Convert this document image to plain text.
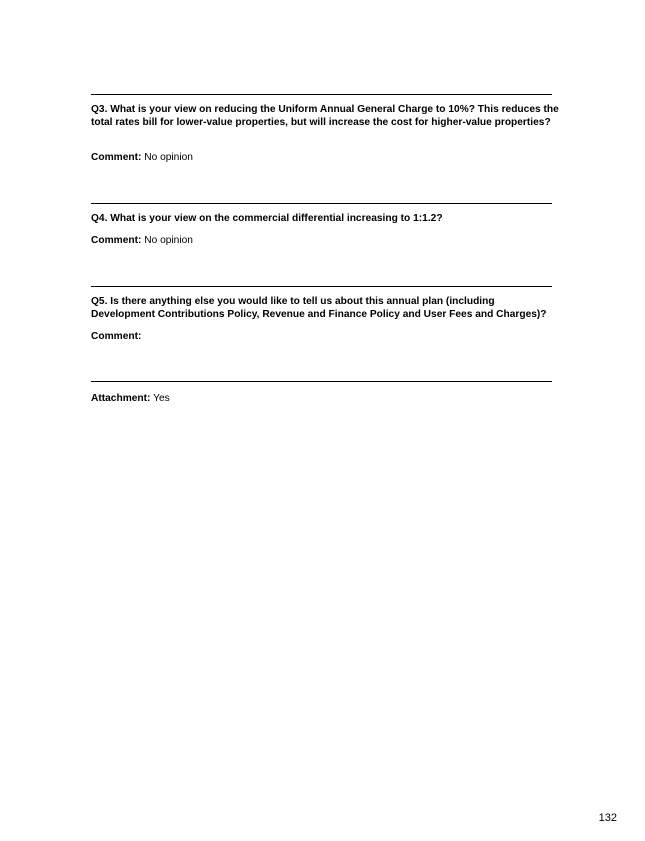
Q3. What is your view on reducing the Uniform Annual General Charge to 10%? This reduces the total rates bill for lower-value properties, but will increase the cost for higher-value properties?
Comment: No opinion
Q4. What is your view on the commercial differential increasing to 1:1.2?
Comment: No opinion
Q5. Is there anything else you would like to tell us about this annual plan (including Development Contributions Policy, Revenue and Finance Policy and User Fees and Charges)?
Comment:
Attachment: Yes
132
